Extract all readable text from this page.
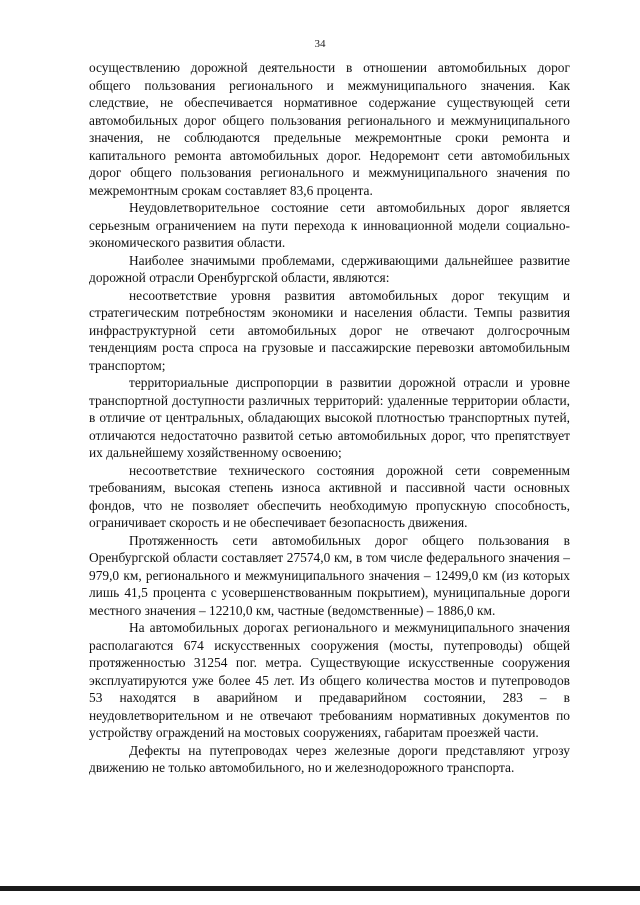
34

осуществлению дорожной деятельности в отношении автомобильных дорог общего пользования регионального и межмуниципального значения. Как следствие, не обеспечивается нормативное содержание существующей сети автомобильных дорог общего пользования регионального и межмуниципального значения, не соблюдаются предельные межремонтные сроки ремонта и капитального ремонта автомобильных дорог. Недоремонт сети автомобильных дорог общего пользования регионального и межмуниципального значения по межремонтным срокам составляет 83,6 процента.

Неудовлетворительное состояние сети автомобильных дорог является серьезным ограничением на пути перехода к инновационной модели социально-экономического развития области.

Наиболее значимыми проблемами, сдерживающими дальнейшее развитие дорожной отрасли Оренбургской области, являются:

несоответствие уровня развития автомобильных дорог текущим и стратегическим потребностям экономики и населения области. Темпы развития инфраструктурной сети автомобильных дорог не отвечают долгосрочным тенденциям роста спроса на грузовые и пассажирские перевозки автомобильным транспортом;

территориальные диспропорции в развитии дорожной отрасли и уровне транспортной доступности различных территорий: удаленные территории области, в отличие от центральных, обладающих высокой плотностью транспортных путей, отличаются недостаточно развитой сетью автомобильных дорог, что препятствует их дальнейшему хозяйственному освоению;

несоответствие технического состояния дорожной сети современным требованиям, высокая степень износа активной и пассивной части основных фондов, что не позволяет обеспечить необходимую пропускную способность, ограничивает скорость и не обеспечивает безопасность движения.

Протяженность сети автомобильных дорог общего пользования в Оренбургской области составляет 27574,0 км, в том числе федерального значения – 979,0 км, регионального и межмуниципального значения – 12499,0 км (из которых лишь 41,5 процента с усовершенствованным покрытием), муниципальные дороги местного значения – 12210,0 км, частные (ведомственные) – 1886,0 км.

На автомобильных дорогах регионального и межмуниципального значения располагаются 674 искусственных сооружения (мосты, путепроводы) общей протяженностью 31254 пог. метра. Существующие искусственные сооружения эксплуатируются уже более 45 лет. Из общего количества мостов и путепроводов 53 находятся в аварийном и предаварийном состоянии, 283 – в неудовлетворительном и не отвечают требованиям нормативных документов по устройству ограждений на мостовых сооружениях, габаритам проезжей части.

Дефекты на путепроводах через железные дороги представляют угрозу движению не только автомобильного, но и железнодорожного транспорта.
